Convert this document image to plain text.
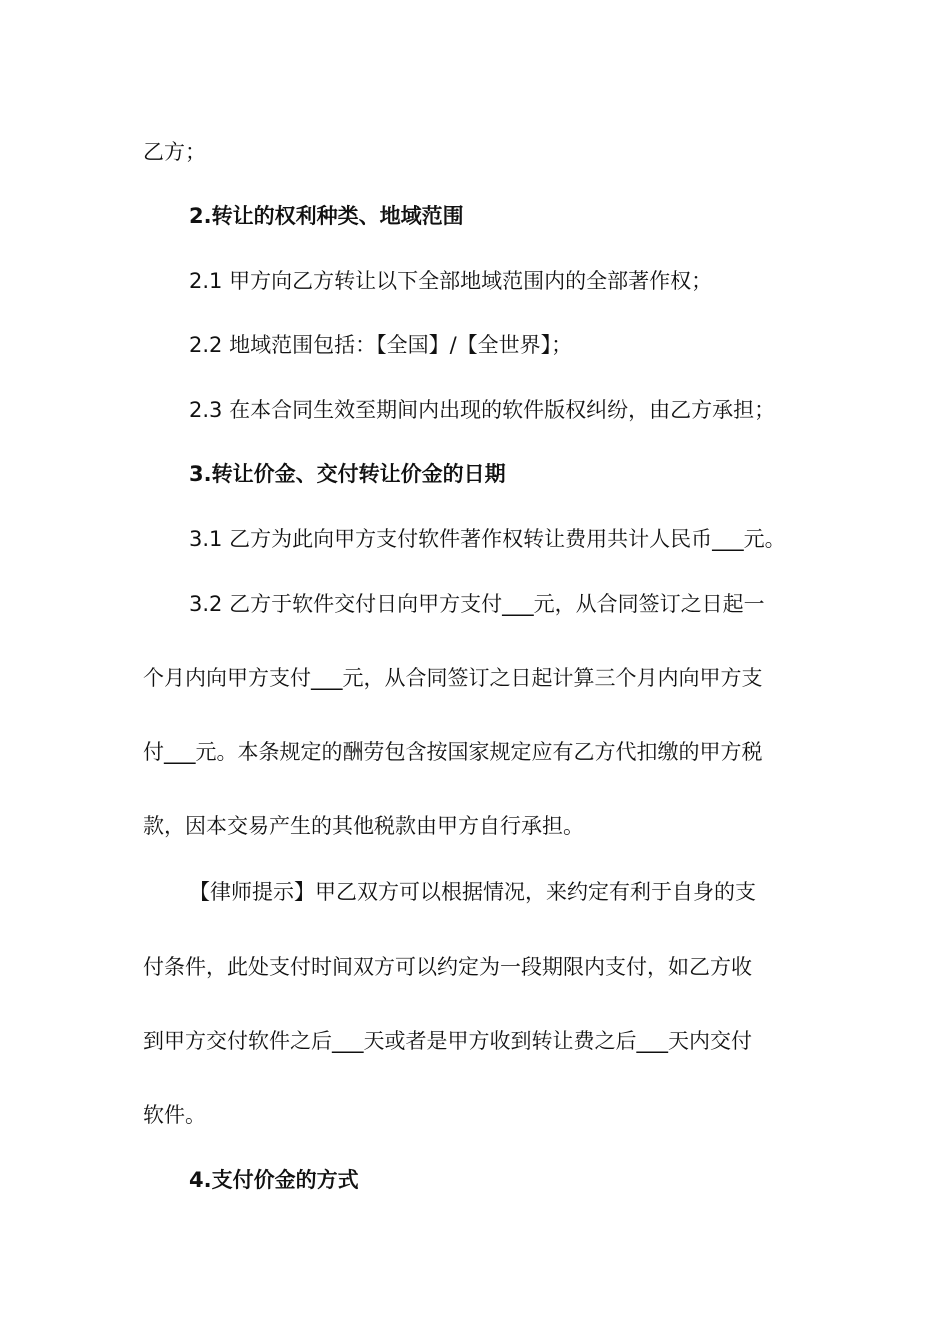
乙方；
2.转让的权利种类、地域范围
2.1 甲方向乙方转让以下全部地域范围内的全部著作权；
2.2 地域范围包括：【全国】/【全世界】；
2.3 在本合同生效至期间内出现的软件版权纠纷，由乙方承担；
3.转让价金、交付转让价金的日期
3.1 乙方为此向甲方支付软件著作权转让费用共计人民币___元。
3.2 乙方于软件交付日向甲方支付___元，从合同签订之日起一
个月内向甲方支付___元，从合同签订之日起计算三个月内向甲方支
付___元。本条规定的酬劳包含按国家规定应有乙方代扣缴的甲方税
款，因本交易产生的其他税款由甲方自行承担。
【律师提示】甲乙双方可以根据情况，来约定有利于自身的支
付条件，此处支付时间双方可以约定为一段期限内支付，如乙方收
到甲方交付软件之后___天或者是甲方收到转让费之后___天内交付
软件。
4.支付价金的方式
